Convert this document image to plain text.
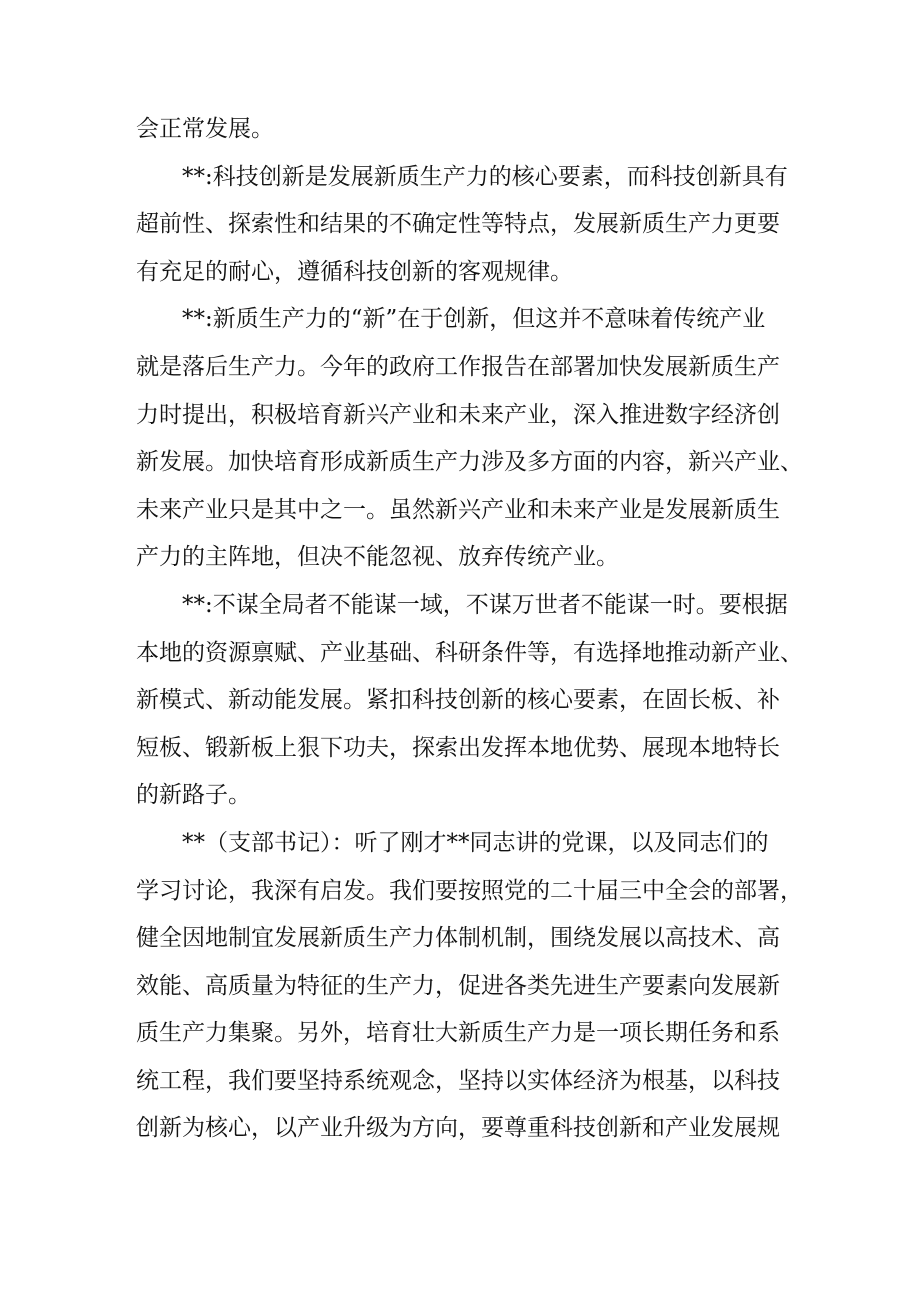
会正常发展。
　　**:科技创新是发展新质生产力的核心要素，而科技创新具有
超前性、探索性和结果的不确定性等特点，发展新质生产力更要
有充足的耐心，遵循科技创新的客观规律。
　　**:新质生产力的“新”在于创新，但这并不意味着传统产业
就是落后生产力。今年的政府工作报告在部署加快发展新质生产
力时提出，积极培育新兴产业和未来产业，深入推进数字经济创
新发展。加快培育形成新质生产力涉及多方面的内容，新兴产业、
未来产业只是其中之一。虽然新兴产业和未来产业是发展新质生
产力的主阵地，但决不能忽视、放弃传统产业。
　　**:不谋全局者不能谋一域，不谋万世者不能谋一时。要根据
本地的资源禀赋、产业基础、科研条件等，有选择地推动新产业、
新模式、新动能发展。紧扣科技创新的核心要素，在固长板、补
短板、锻新板上狠下功夫，探索出发挥本地优势、展现本地特长
的新路子。
　　**（支部书记）：听了刚才**同志讲的党课，以及同志们的
学习讨论，我深有启发。我们要按照党的二十届三中全会的部署，
健全因地制宜发展新质生产力体制机制，围绕发展以高技术、高
效能、高质量为特征的生产力，促进各类先进生产要素向发展新
质生产力集聚。另外，培育壮大新质生产力是一项长期任务和系
统工程，我们要坚持系统观念，坚持以实体经济为根基，以科技
创新为核心，以产业升级为方向，要尊重科技创新和产业发展规
